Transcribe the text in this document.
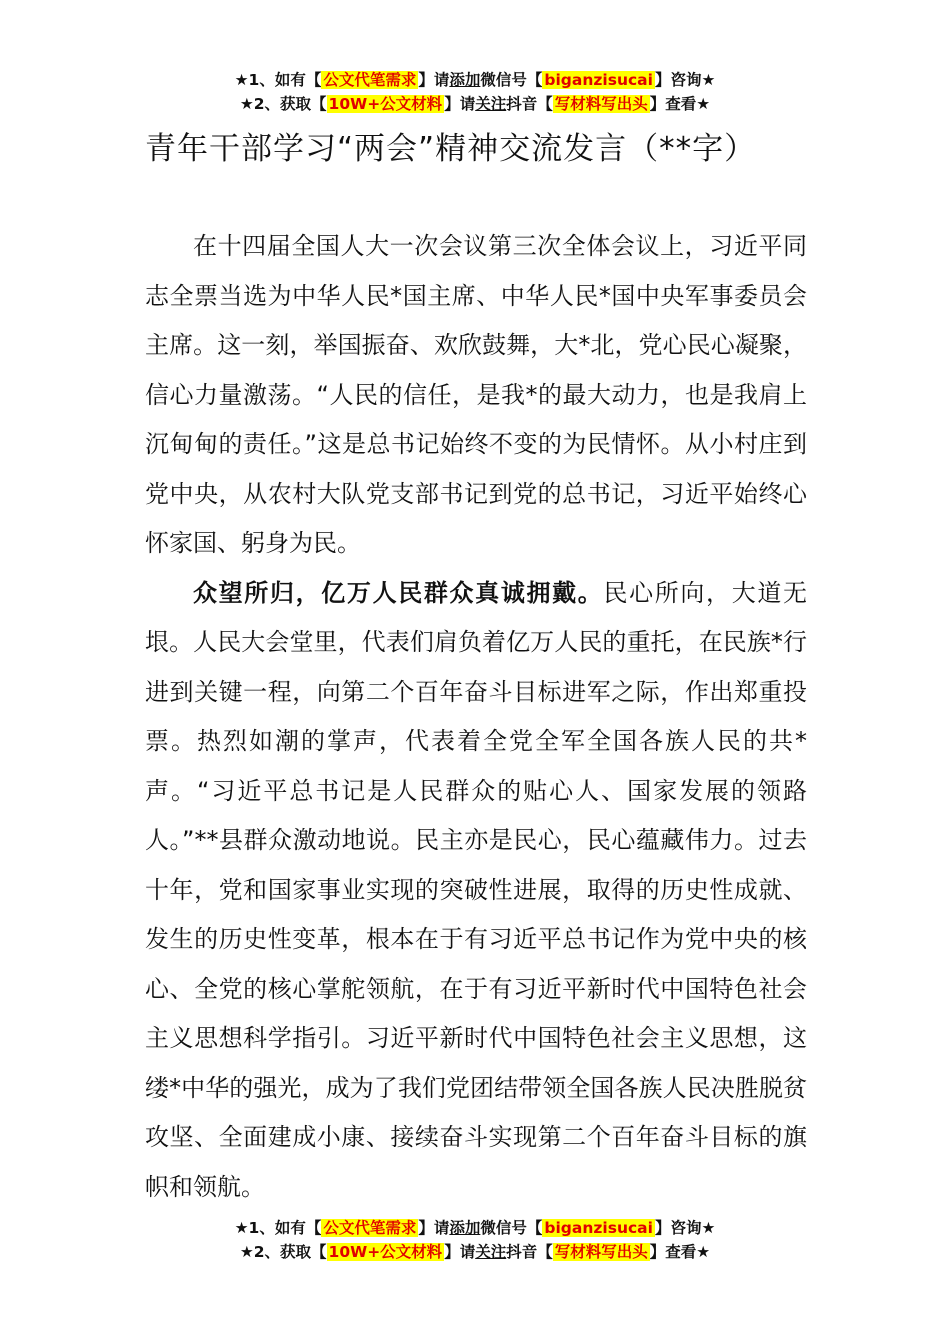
★1、如有【 公文代笔需求 】请添加微信号【 biganzisucai 】咨询★
★2、获取【 10W+公文材料 】请关注抖音【 写材料写出头 】查看★
青年干部学习“两会”精神交流发言（**字）

在十四届全国人大一次会议第三次全体会议上，习近平同志全票当选为中华人民*国主席、中华人民*国中央军事委员会主席。这一刻，举国振奋、欢欣鼓舞，大*北，党心民心凝聚，信心力量激荡。“人民的信任，是我*的最大动力，也是我肩上沉甸甸的责任。”这是总书记始终不变的为民情怀。从小村庄到党中央，从农村大队党支部书记到党的总书记，习近平始终心怀家国、躬身为民。

众望所归，亿万人民群众真诚拥戴。民心所向，大道无垠。人民大会堂里，代表们肩负着亿万人民的重托，在民族*行进到关键一程，向第二个百年奋斗目标进军之际，作出郑重投票。热烈如潮的掌声，代表着全党全军全国各族人民的共*声。“习近平总书记是人民群众的贴心人、国家发展的领路人。”**县群众激动地说。民主亦是民心，民心蕴藏伟力。过去十年，党和国家事业实现的突破性进展，取得的历史性成就、发生的历史性变革，根本在于有习近平总书记作为党中央的核心、全党的核心掌舵领航，在于有习近平新时代中国特色社会主义思想科学指引。习近平新时代中国特色社会主义思想，这缕*中华的强光，成为了我们党团结带领全国各族人民决胜脱贫攻坚、全面建成小康、接续奋斗实现第二个百年奋斗目标的旗帜和领航。

★1、如有【 公文代笔需求 】请添加微信号【 biganzisucai 】咨询★
★2、获取【 10W+公文材料 】请关注抖音【 写材料写出头 】查看★
